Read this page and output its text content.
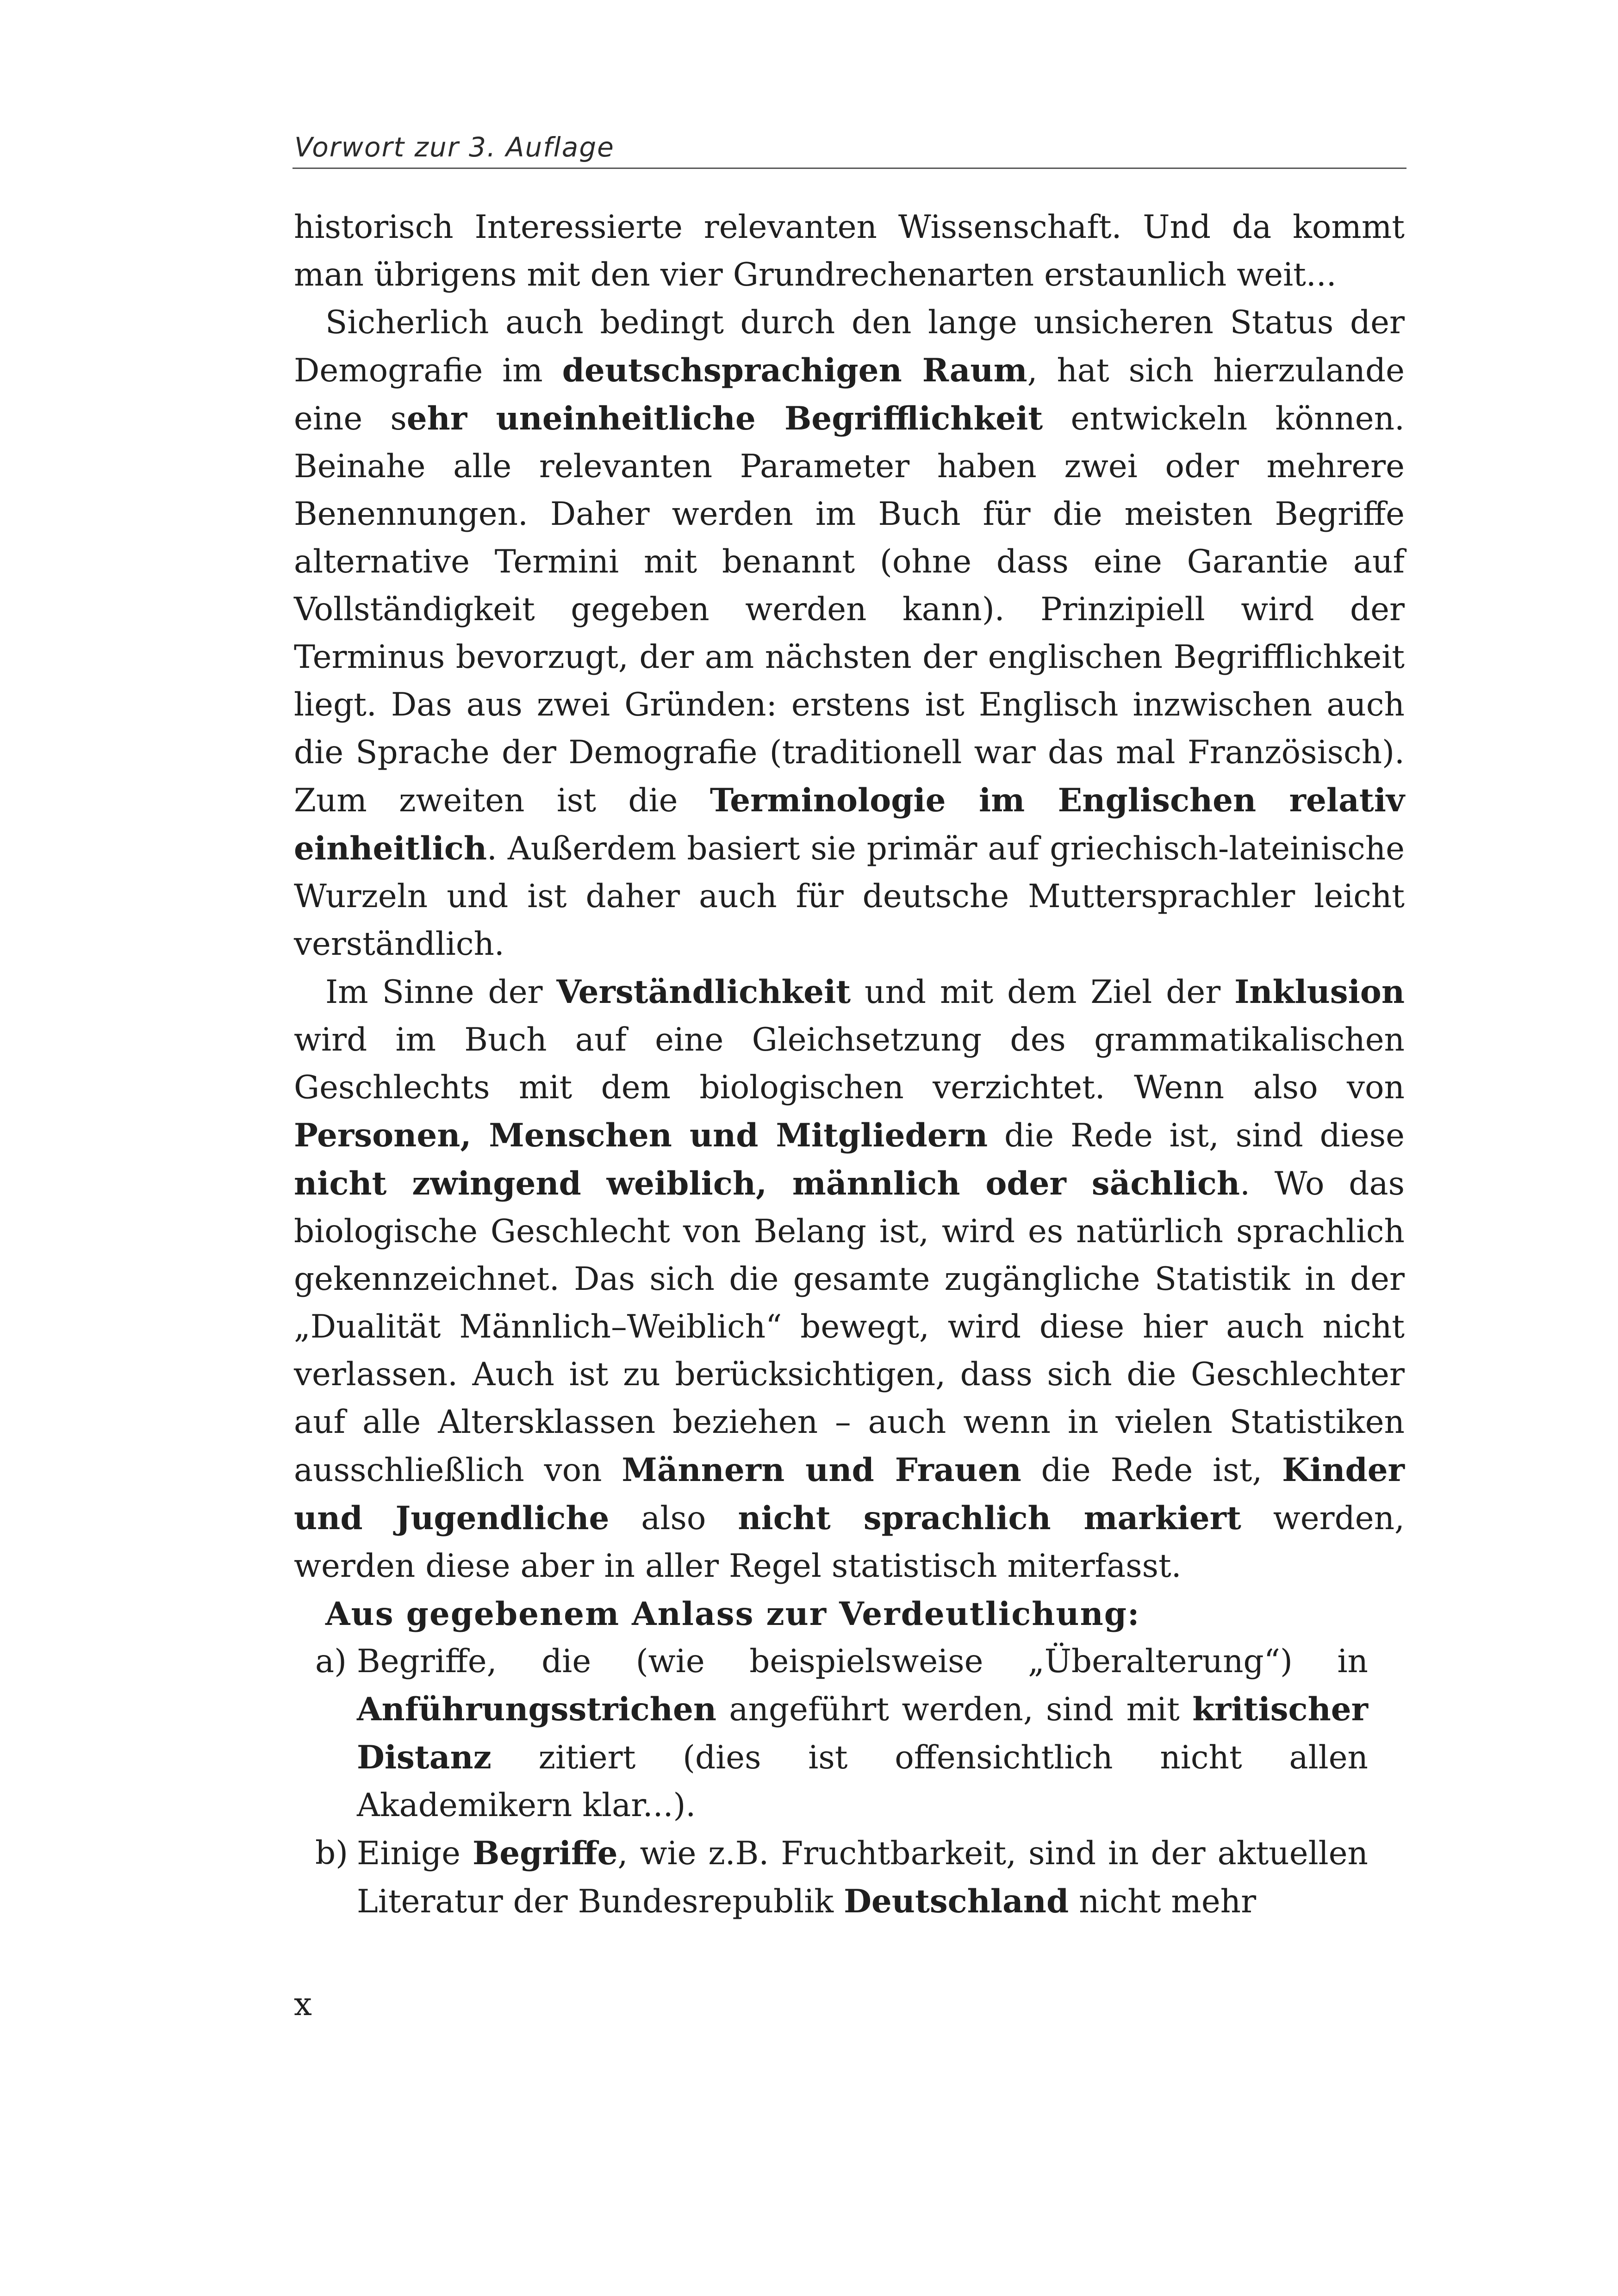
Vorwort zur 3. Auflage

historisch Interessierte relevanten Wissenschaft. Und da kommt man übrigens mit den vier Grundrechenarten erstaunlich weit...

Sicherlich auch bedingt durch den lange unsicheren Status der Demografie im deutschsprachigen Raum, hat sich hierzulande eine sehr uneinheitliche Begrifflichkeit entwickeln können. Beinahe alle relevanten Parameter haben zwei oder mehrere Benennungen. Daher werden im Buch für die meisten Begriffe alternative Termini mit benannt (ohne dass eine Garantie auf Vollständigkeit gegeben werden kann). Prinzipiell wird der Terminus bevorzugt, der am nächsten der englischen Begrifflichkeit liegt. Das aus zwei Gründen: erstens ist Englisch inzwischen auch die Sprache der Demografie (traditionell war das mal Französisch). Zum zweiten ist die Terminologie im Englischen relativ einheitlich. Außerdem basiert sie primär auf griechisch-lateinische Wurzeln und ist daher auch für deutsche Muttersprachler leicht verständlich.

Im Sinne der Verständlichkeit und mit dem Ziel der Inklusion wird im Buch auf eine Gleichsetzung des grammatikalischen Geschlechts mit dem biologischen verzichtet. Wenn also von Personen, Menschen und Mitgliedern die Rede ist, sind diese nicht zwingend weiblich, männlich oder sächlich. Wo das biologische Geschlecht von Belang ist, wird es natürlich sprachlich gekennzeichnet. Das sich die gesamte zugängliche Statistik in der „Dualität Männlich–Weiblich“ bewegt, wird diese hier auch nicht verlassen. Auch ist zu berücksichtigen, dass sich die Geschlechter auf alle Altersklassen beziehen – auch wenn in vielen Statistiken ausschließlich von Männern und Frauen die Rede ist, Kinder und Jugendliche also nicht sprachlich markiert werden, werden diese aber in aller Regel statistisch miterfasst.

Aus gegebenem Anlass zur Verdeutlichung:

a) Begriffe, die (wie beispielsweise „Überalterung“) in Anführungsstrichen angeführt werden, sind mit kritischer Distanz zitiert (dies ist offensichtlich nicht allen Akademikern klar...).
b) Einige Begriffe, wie z.B. Fruchtbarkeit, sind in der aktuellen Literatur der Bundesrepublik Deutschland nicht mehr
x
